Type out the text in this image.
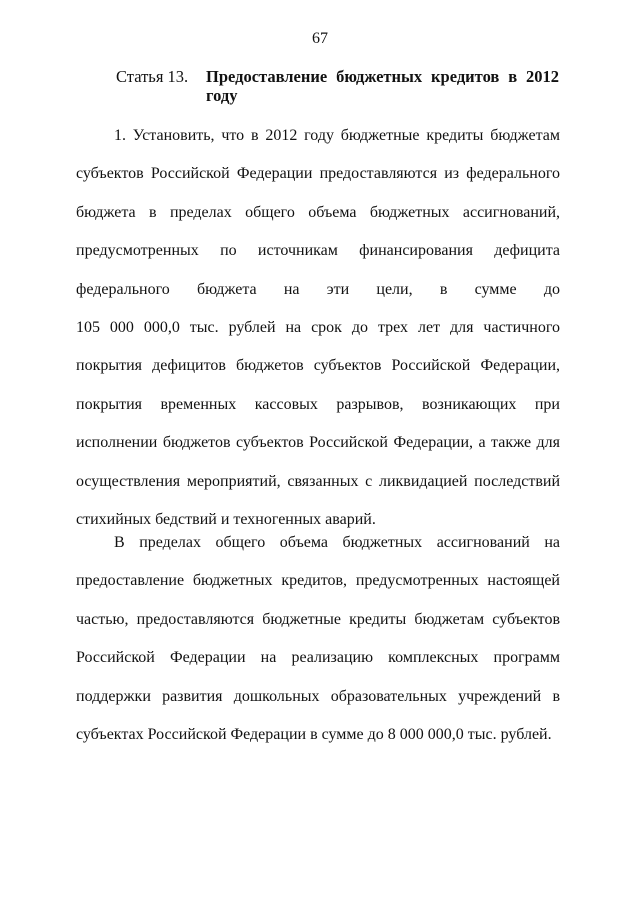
67
Статья 13. Предоставление бюджетных кредитов в 2012
году
1. Установить, что в 2012 году бюджетные кредиты бюджетам
субъектов Российской Федерации предоставляются из федерального
бюджета в пределах общего объема бюджетных ассигнований,
предусмотренных по источникам финансирования дефицита
федерального бюджета на эти цели, в сумме до
105 000 000,0 тыс. рублей на срок до трех лет для частичного
покрытия дефицитов бюджетов субъектов Российской Федерации,
покрытия временных кассовых разрывов, возникающих при
исполнении бюджетов субъектов Российской Федерации, а также для
осуществления мероприятий, связанных с ликвидацией последствий
стихийных бедствий и техногенных аварий.
В пределах общего объема бюджетных ассигнований на
предоставление бюджетных кредитов, предусмотренных настоящей
частью, предоставляются бюджетные кредиты бюджетам субъектов
Российской Федерации на реализацию комплексных программ
поддержки развития дошкольных образовательных учреждений в
субъектах Российской Федерации в сумме до 8 000 000,0 тыс. рублей.
